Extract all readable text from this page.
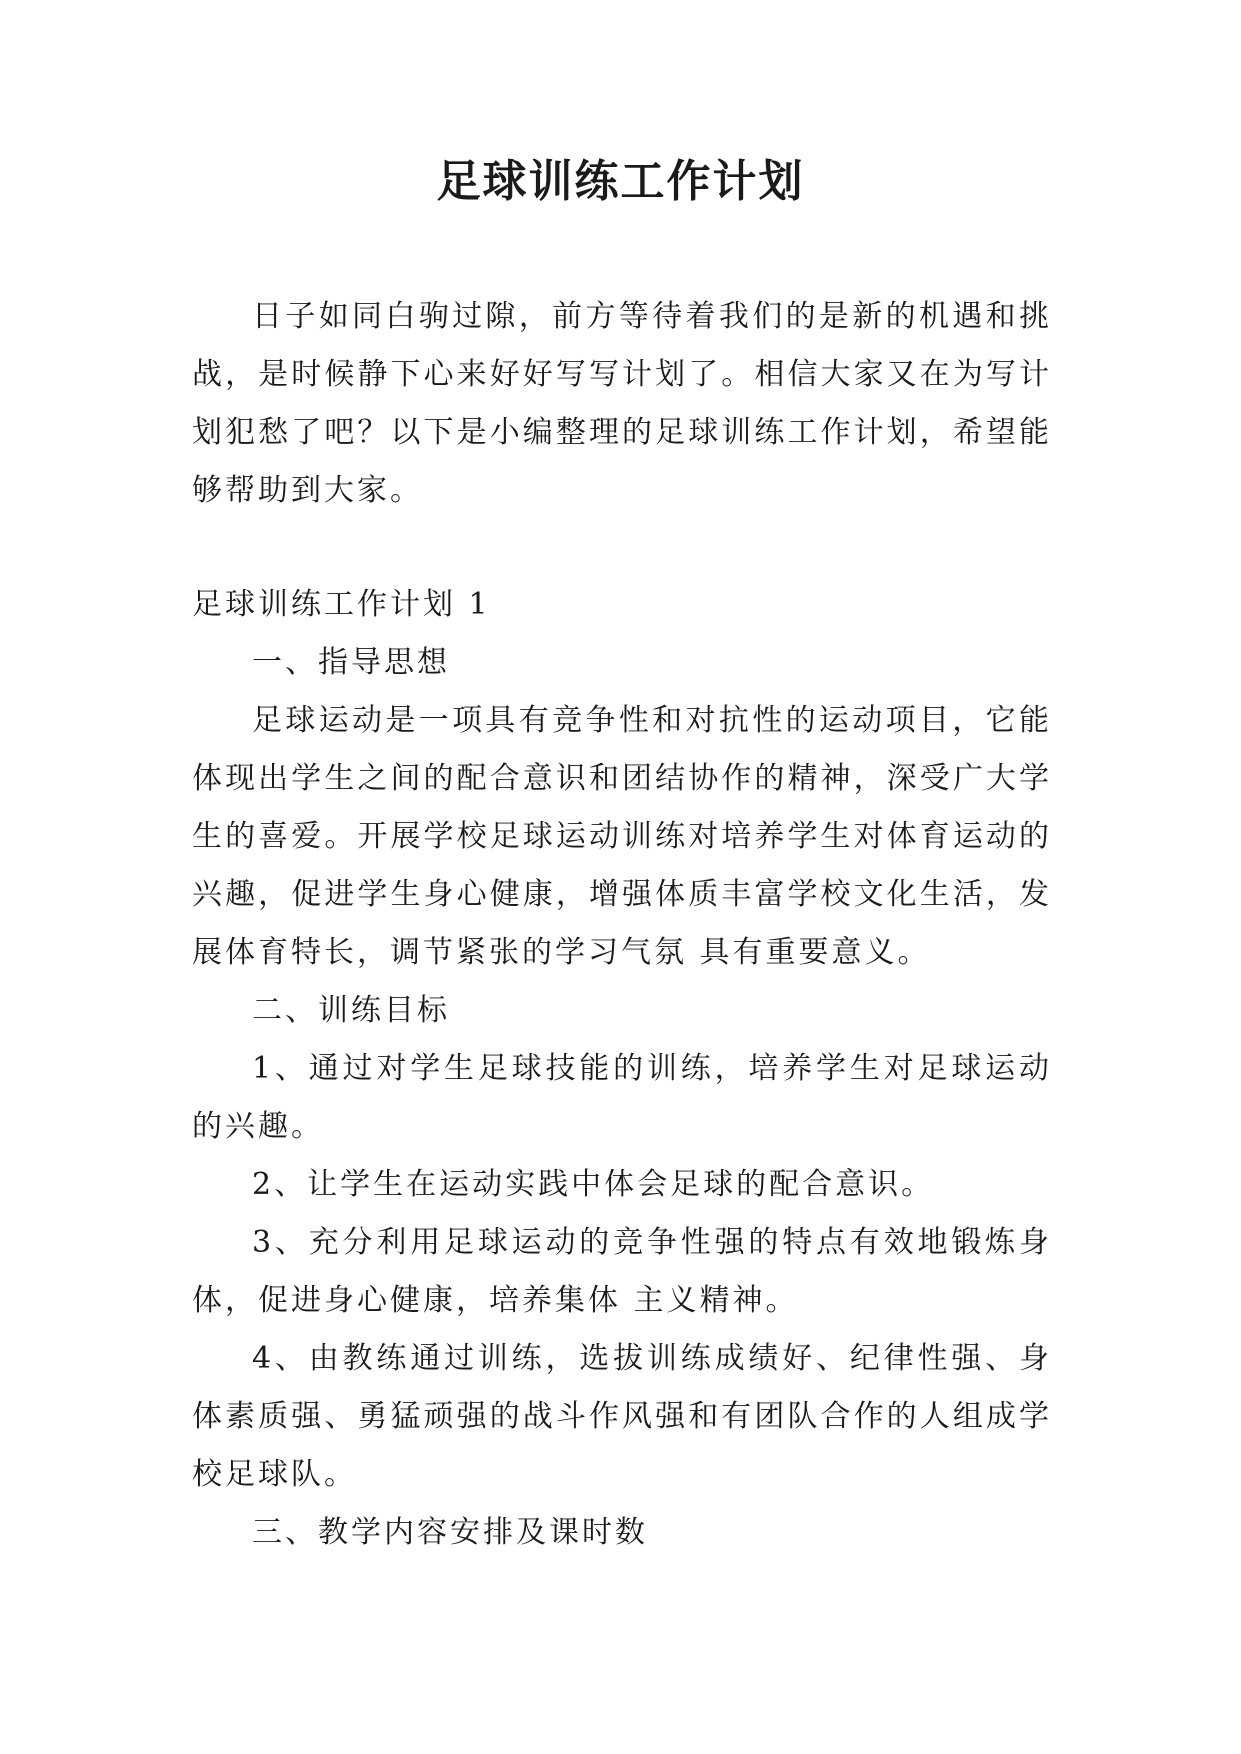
足球训练工作计划

日子如同白驹过隙，前方等待着我们的是新的机遇和挑战，是时候静下心来好好写写计划了。相信大家又在为写计划犯愁了吧？以下是小编整理的足球训练工作计划，希望能够帮助到大家。

足球训练工作计划 1

一、指导思想

足球运动是一项具有竞争性和对抗性的运动项目，它能体现出学生之间的配合意识和团结协作的精神，深受广大学生的喜爱。开展学校足球运动训练对培养学生对体育运动的兴趣，促进学生身心健康，增强体质丰富学校文化生活，发展体育特长，调节紧张的学习气氛 具有重要意义。

二、训练目标

1、通过对学生足球技能的训练，培养学生对足球运动的兴趣。

2、让学生在运动实践中体会足球的配合意识。

3、充分利用足球运动的竞争性强的特点有效地锻炼身体，促进身心健康，培养集体 主义精神。

4、由教练通过训练，选拔训练成绩好、纪律性强、身体素质强、勇猛顽强的战斗作风强和有团队合作的人组成学校足球队。

三、教学内容安排及课时数
